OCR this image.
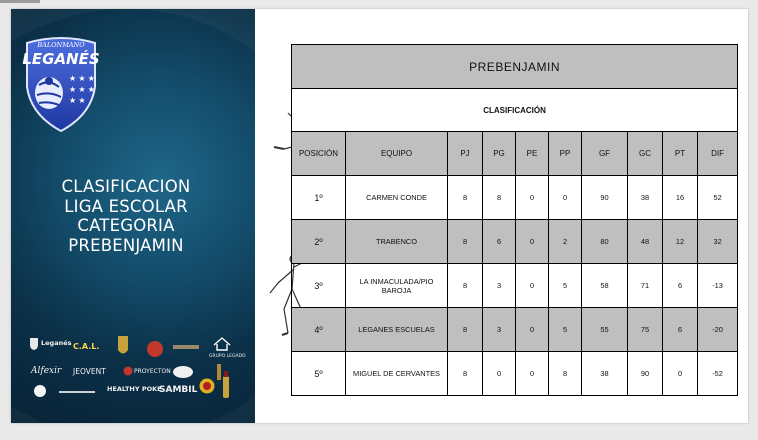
BALONMANO
LEGANÉS
★ ★ ★
★ ★ ★
★ ★
CLASIFICACION
LIGA ESCOLAR
CATEGORIA
PREBENJAMIN
Leganés C.A.L.
GRUPO LEGADO
Alfexir JEOVENT	PROYECTON
HEALTHY POKE
SAMBIL
PREBENJAMIN									
CLASIFICACIÓN									
POSICIÓN	EQUIPO	PJ	PG	PE	PP	GF	GC	PT	DIF
1º	CARMEN CONDE	8	8	0	0	90	38	16	52
2º	TRABENCO	8	6	0	2	80	48	12	32
3º	LA INMACULADA/PIO BAROJA	8	3	0	5	58	71	6	-13
4º	LEGANES ESCUELAS	8	3	0	5	55	75	6	-20
5º	MIGUEL DE CERVANTES	8	0	0	8	38	90	0	-52
